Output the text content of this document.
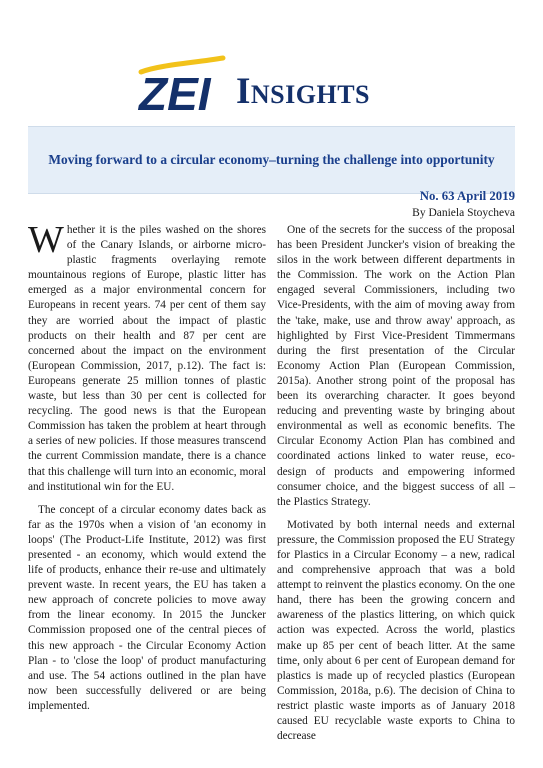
ZEI Insights
Moving forward to a circular economy–turning the challenge into opportunity
No. 63 April 2019
By Daniela Stoycheva

Whether it is the piles washed on the shores of the Canary Islands, or airborne micro-plastic fragments overlaying remote mountainous regions of Europe, plastic litter has emerged as a major environmental concern for Europeans in recent years. 74 per cent of them say they are worried about the impact of plastic products on their health and 87 per cent are concerned about the impact on the environment (European Commission, 2017, p.12). The fact is: Europeans generate 25 million tonnes of plastic waste, but less than 30 per cent is collected for recycling. The good news is that the European Commission has taken the problem at heart through a series of new policies. If those measures transcend the current Commission mandate, there is a chance that this challenge will turn into an economic, moral and institutional win for the EU.

The concept of a circular economy dates back as far as the 1970s when a vision of 'an economy in loops' (The Product-Life Institute, 2012) was first presented - an economy, which would extend the life of products, enhance their re-use and ultimately prevent waste. In recent years, the EU has taken a new approach of concrete policies to move away from the linear economy. In 2015 the Juncker Commission proposed one of the central pieces of this new approach - the Circular Economy Action Plan - to 'close the loop' of product manufacturing and use. The 54 actions outlined in the plan have now been successfully delivered or are being implemented.

One of the secrets for the success of the proposal has been President Juncker's vision of breaking the silos in the work between different departments in the Commission. The work on the Action Plan engaged several Commissioners, including two Vice-Presidents, with the aim of moving away from the 'take, make, use and throw away' approach, as highlighted by First Vice-President Timmermans during the first presentation of the Circular Economy Action Plan (European Commission, 2015a). Another strong point of the proposal has been its overarching character. It goes beyond reducing and preventing waste by bringing about environmental as well as economic benefits. The Circular Economy Action Plan has combined and coordinated actions linked to water reuse, eco-design of products and empowering informed consumer choice, and the biggest success of all – the Plastics Strategy.

Motivated by both internal needs and external pressure, the Commission proposed the EU Strategy for Plastics in a Circular Economy – a new, radical and comprehensive approach that was a bold attempt to reinvent the plastics economy. On the one hand, there has been the growing concern and awareness of the plastics littering, on which quick action was expected. Across the world, plastics make up 85 per cent of beach litter. At the same time, only about 6 per cent of European demand for plastics is made up of recycled plastics (European Commission, 2018a, p.6). The decision of China to restrict plastic waste imports as of January 2018 caused EU recyclable waste exports to China to decrease
